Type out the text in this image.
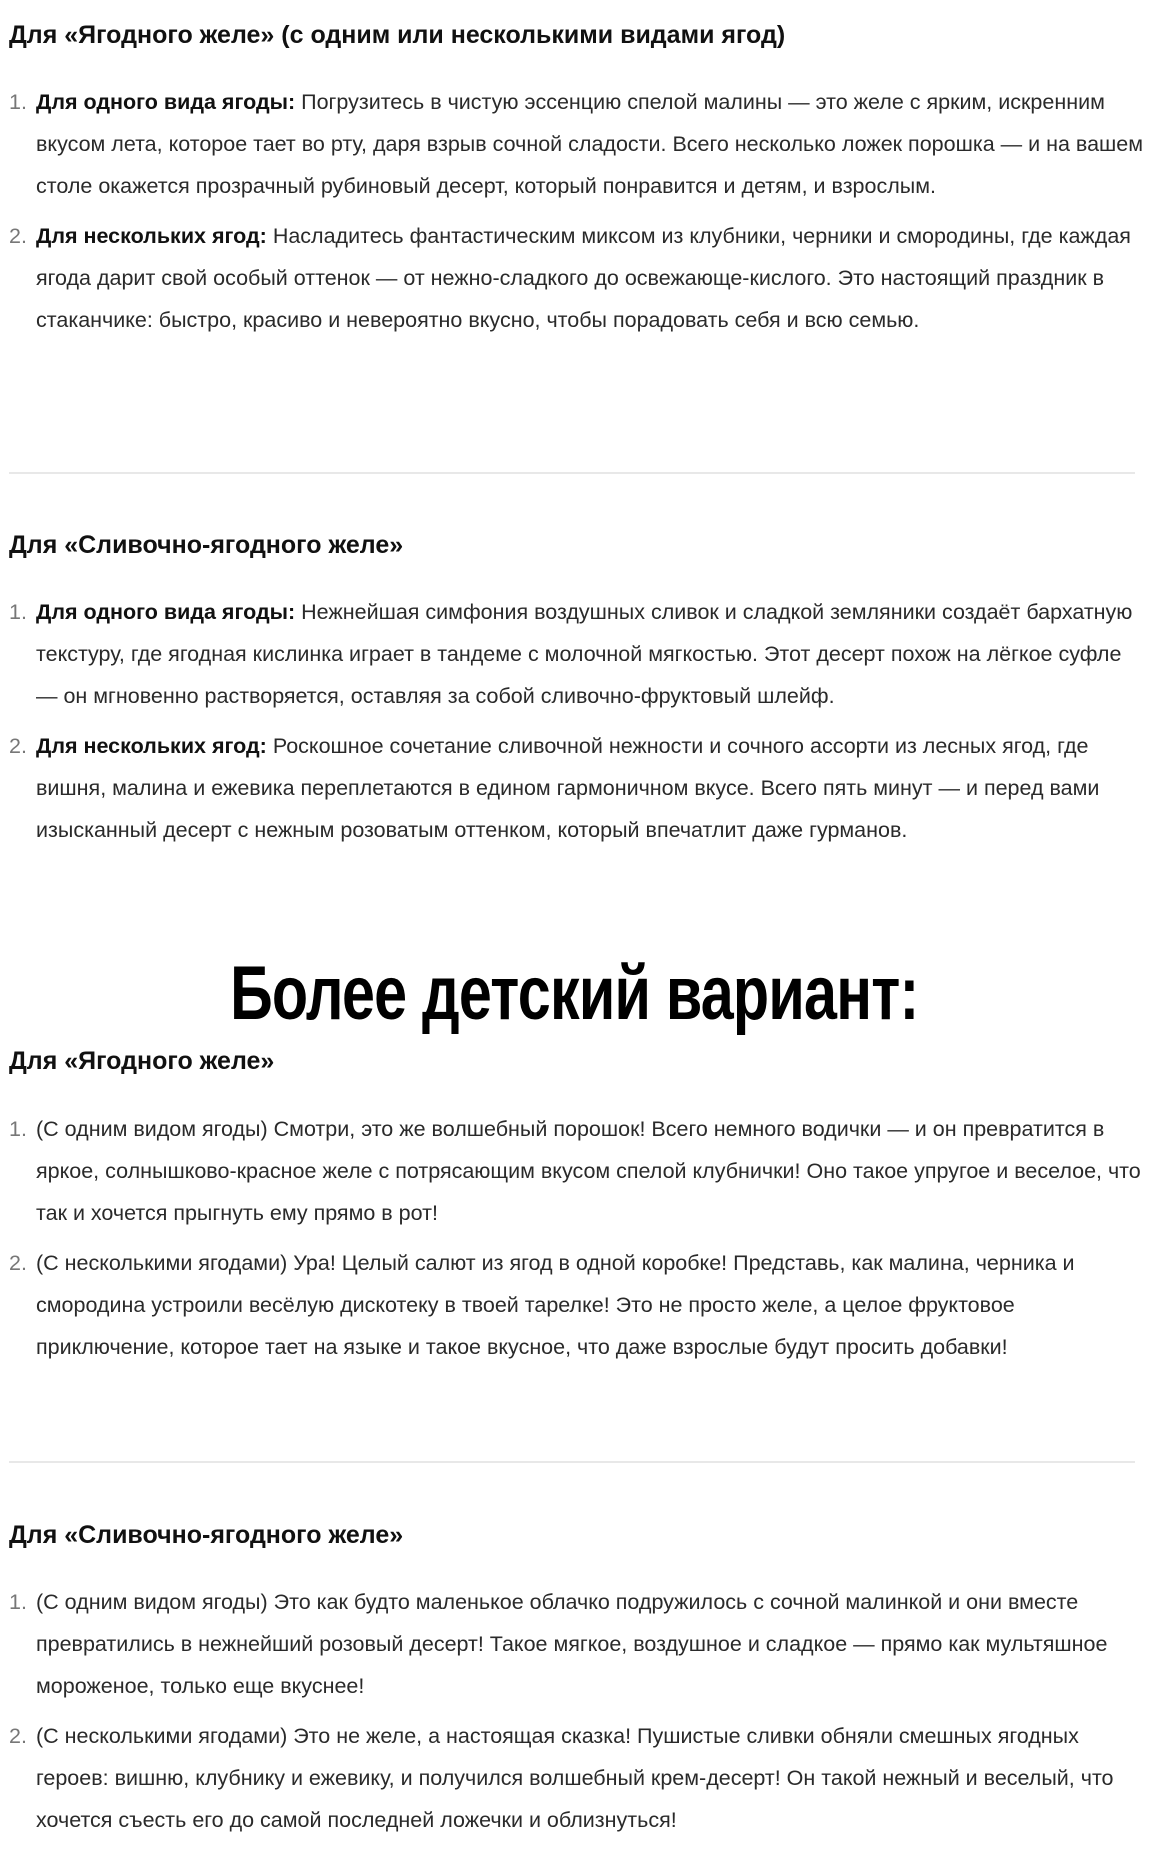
Для «Ягодного желе» (с одним или несколькими видами ягод)
1. Для одного вида ягоды: Погрузитесь в чистую эссенцию спелой малины — это желе с ярким, искренним вкусом лета, которое тает во рту, даря взрыв сочной сладости. Всего несколько ложек порошка — и на вашем столе окажется прозрачный рубиновый десерт, который понравится и детям, и взрослым.
2. Для нескольких ягод: Насладитесь фантастическим миксом из клубники, черники и смородины, где каждая ягода дарит свой особый оттенок — от нежно-сладкого до освежающе-кислого. Это настоящий праздник в стаканчике: быстро, красиво и невероятно вкусно, чтобы порадовать себя и всю семью.
Для «Сливочно-ягодного желе»
1. Для одного вида ягоды: Нежнейшая симфония воздушных сливок и сладкой земляники создаёт бархатную текстуру, где ягодная кислинка играет в тандеме с молочной мягкостью. Этот десерт похож на лёгкое суфле — он мгновенно растворяется, оставляя за собой сливочно-фруктовый шлейф.
2. Для нескольких ягод: Роскошное сочетание сливочной нежности и сочного ассорти из лесных ягод, где вишня, малина и ежевика переплетаются в едином гармоничном вкусе. Всего пять минут — и перед вами изысканный десерт с нежным розоватым оттенком, который впечатлит даже гурманов.
Более детский вариант:
Для «Ягодного желе»
1. (С одним видом ягоды) Смотри, это же волшебный порошок! Всего немного водички — и он превратится в яркое, солнышково-красное желе с потрясающим вкусом спелой клубнички! Оно такое упругое и веселое, что так и хочется прыгнуть ему прямо в рот!
2. (С несколькими ягодами) Ура! Целый салют из ягод в одной коробке! Представь, как малина, черника и смородина устроили весёлую дискотеку в твоей тарелке! Это не просто желе, а целое фруктовое приключение, которое тает на языке и такое вкусное, что даже взрослые будут просить добавки!
Для «Сливочно-ягодного желе»
1. (С одним видом ягоды) Это как будто маленькое облачко подружилось с сочной малинкой и они вместе превратились в нежнейший розовый десерт! Такое мягкое, воздушное и сладкое — прямо как мультяшное мороженое, только еще вкуснее!
2. (С несколькими ягодами) Это не желе, а настоящая сказка! Пушистые сливки обняли смешных ягодных героев: вишню, клубнику и ежевику, и получился волшебный крем-десерт! Он такой нежный и веселый, что хочется съесть его до самой последней ложечки и облизнуться!
